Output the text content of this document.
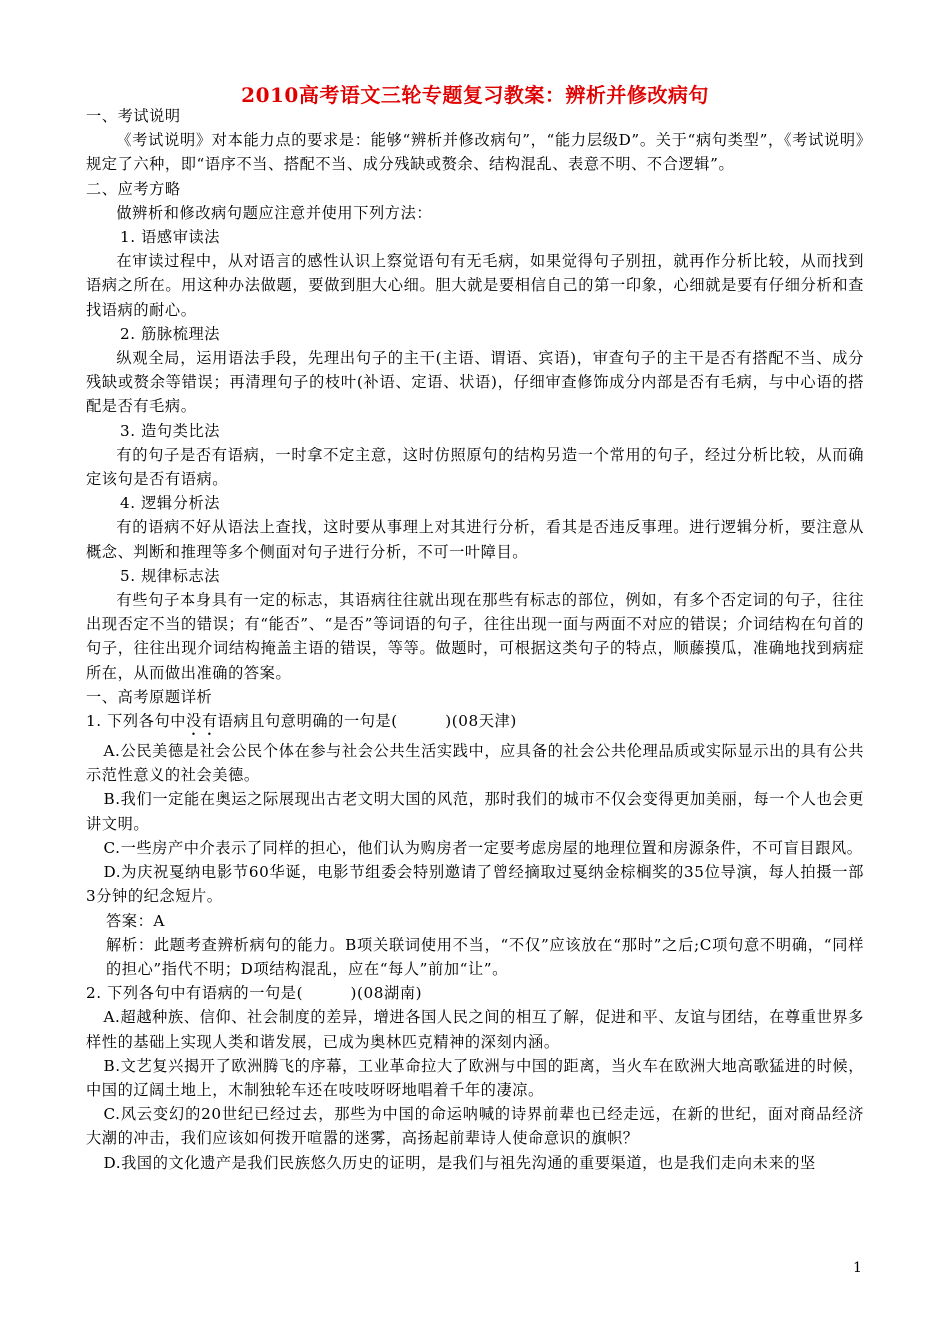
2010高考语文三轮专题复习教案：辨析并修改病句

一、考试说明

《考试说明》对本能力点的要求是：能够“辨析并修改病句”，“能力层级D”。关于“病句类型”，《考试说明》规定了六种，即“语序不当、搭配不当、成分残缺或赘余、结构混乱、表意不明、不合逻辑”。

二、应考方略

做辨析和修改病句题应注意并使用下列方法：

1. 语感审读法

在审读过程中，从对语言的感性认识上察觉语句有无毛病，如果觉得句子别扭，就再作分析比较，从而找到语病之所在。用这种办法做题，要做到胆大心细。胆大就是要相信自己的第一印象，心细就是要有仔细分析和查找语病的耐心。

2. 筋脉梳理法

纵观全局，运用语法手段，先理出句子的主干(主语、谓语、宾语)，审查句子的主干是否有搭配不当、成分残缺或赘余等错误；再清理句子的枝叶(补语、定语、状语)，仔细审查修饰成分内部是否有毛病，与中心语的搭配是否有毛病。

3. 造句类比法

有的句子是否有语病，一时拿不定主意，这时仿照原句的结构另造一个常用的句子，经过分析比较，从而确定该句是否有语病。

4. 逻辑分析法

有的语病不好从语法上查找，这时要从事理上对其进行分析，看其是否违反事理。进行逻辑分析，要注意从概念、判断和推理等多个侧面对句子进行分析，不可一叶障目。

5. 规律标志法

有些句子本身具有一定的标志，其语病往往就出现在那些有标志的部位，例如，有多个否定词的句子，往往出现否定不当的错误；有“能否”、“是否”等词语的句子，往往出现一面与两面不对应的错误；介词结构在句首的句子，往往出现介词结构掩盖主语的错误，等等。做题时，可根据这类句子的特点，顺藤摸瓜，准确地找到病症所在，从而做出准确的答案。

一、高考原题详析

1. 下列各句中没有语病且句意明确的一句是(　　　)(08天津)

A.公民美德是社会公民个体在参与社会公共生活实践中，应具备的社会公共伦理品质或实际显示出的具有公共示范性意义的社会美德。

B.我们一定能在奥运之际展现出古老文明大国的风范，那时我们的城市不仅会变得更加美丽，每一个人也会更讲文明。

C.一些房产中介表示了同样的担心，他们认为购房者一定要考虑房屋的地理位置和房源条件，不可盲目跟风。

D.为庆祝戛纳电影节60华诞，电影节组委会特别邀请了曾经摘取过戛纳金棕榈奖的35位导演，每人拍摄一部3分钟的纪念短片。

答案：A

解析：此题考查辨析病句的能力。B项关联词使用不当，“不仅”应该放在“那时”之后;C项句意不明确，“同样的担心”指代不明；D项结构混乱，应在“每人”前加“让”。

2. 下列各句中有语病的一句是(　　　)(08湖南)

A.超越种族、信仰、社会制度的差异，增进各国人民之间的相互了解，促进和平、友谊与团结，在尊重世界多样性的基础上实现人类和谐发展，已成为奥林匹克精神的深刻内涵。

B.文艺复兴揭开了欧洲腾飞的序幕，工业革命拉大了欧洲与中国的距离，当火车在欧洲大地高歌猛进的时候，中国的辽阔土地上，木制独轮车还在吱吱呀呀地唱着千年的凄凉。

C.风云变幻的20世纪已经过去，那些为中国的命运呐喊的诗界前辈也已经走远，在新的世纪，面对商品经济大潮的冲击，我们应该如何拨开喧嚣的迷雾，高扬起前辈诗人使命意识的旗帜？

D.我国的文化遗产是我们民族悠久历史的证明，是我们与祖先沟通的重要渠道，也是我们走向未来的坚

1
